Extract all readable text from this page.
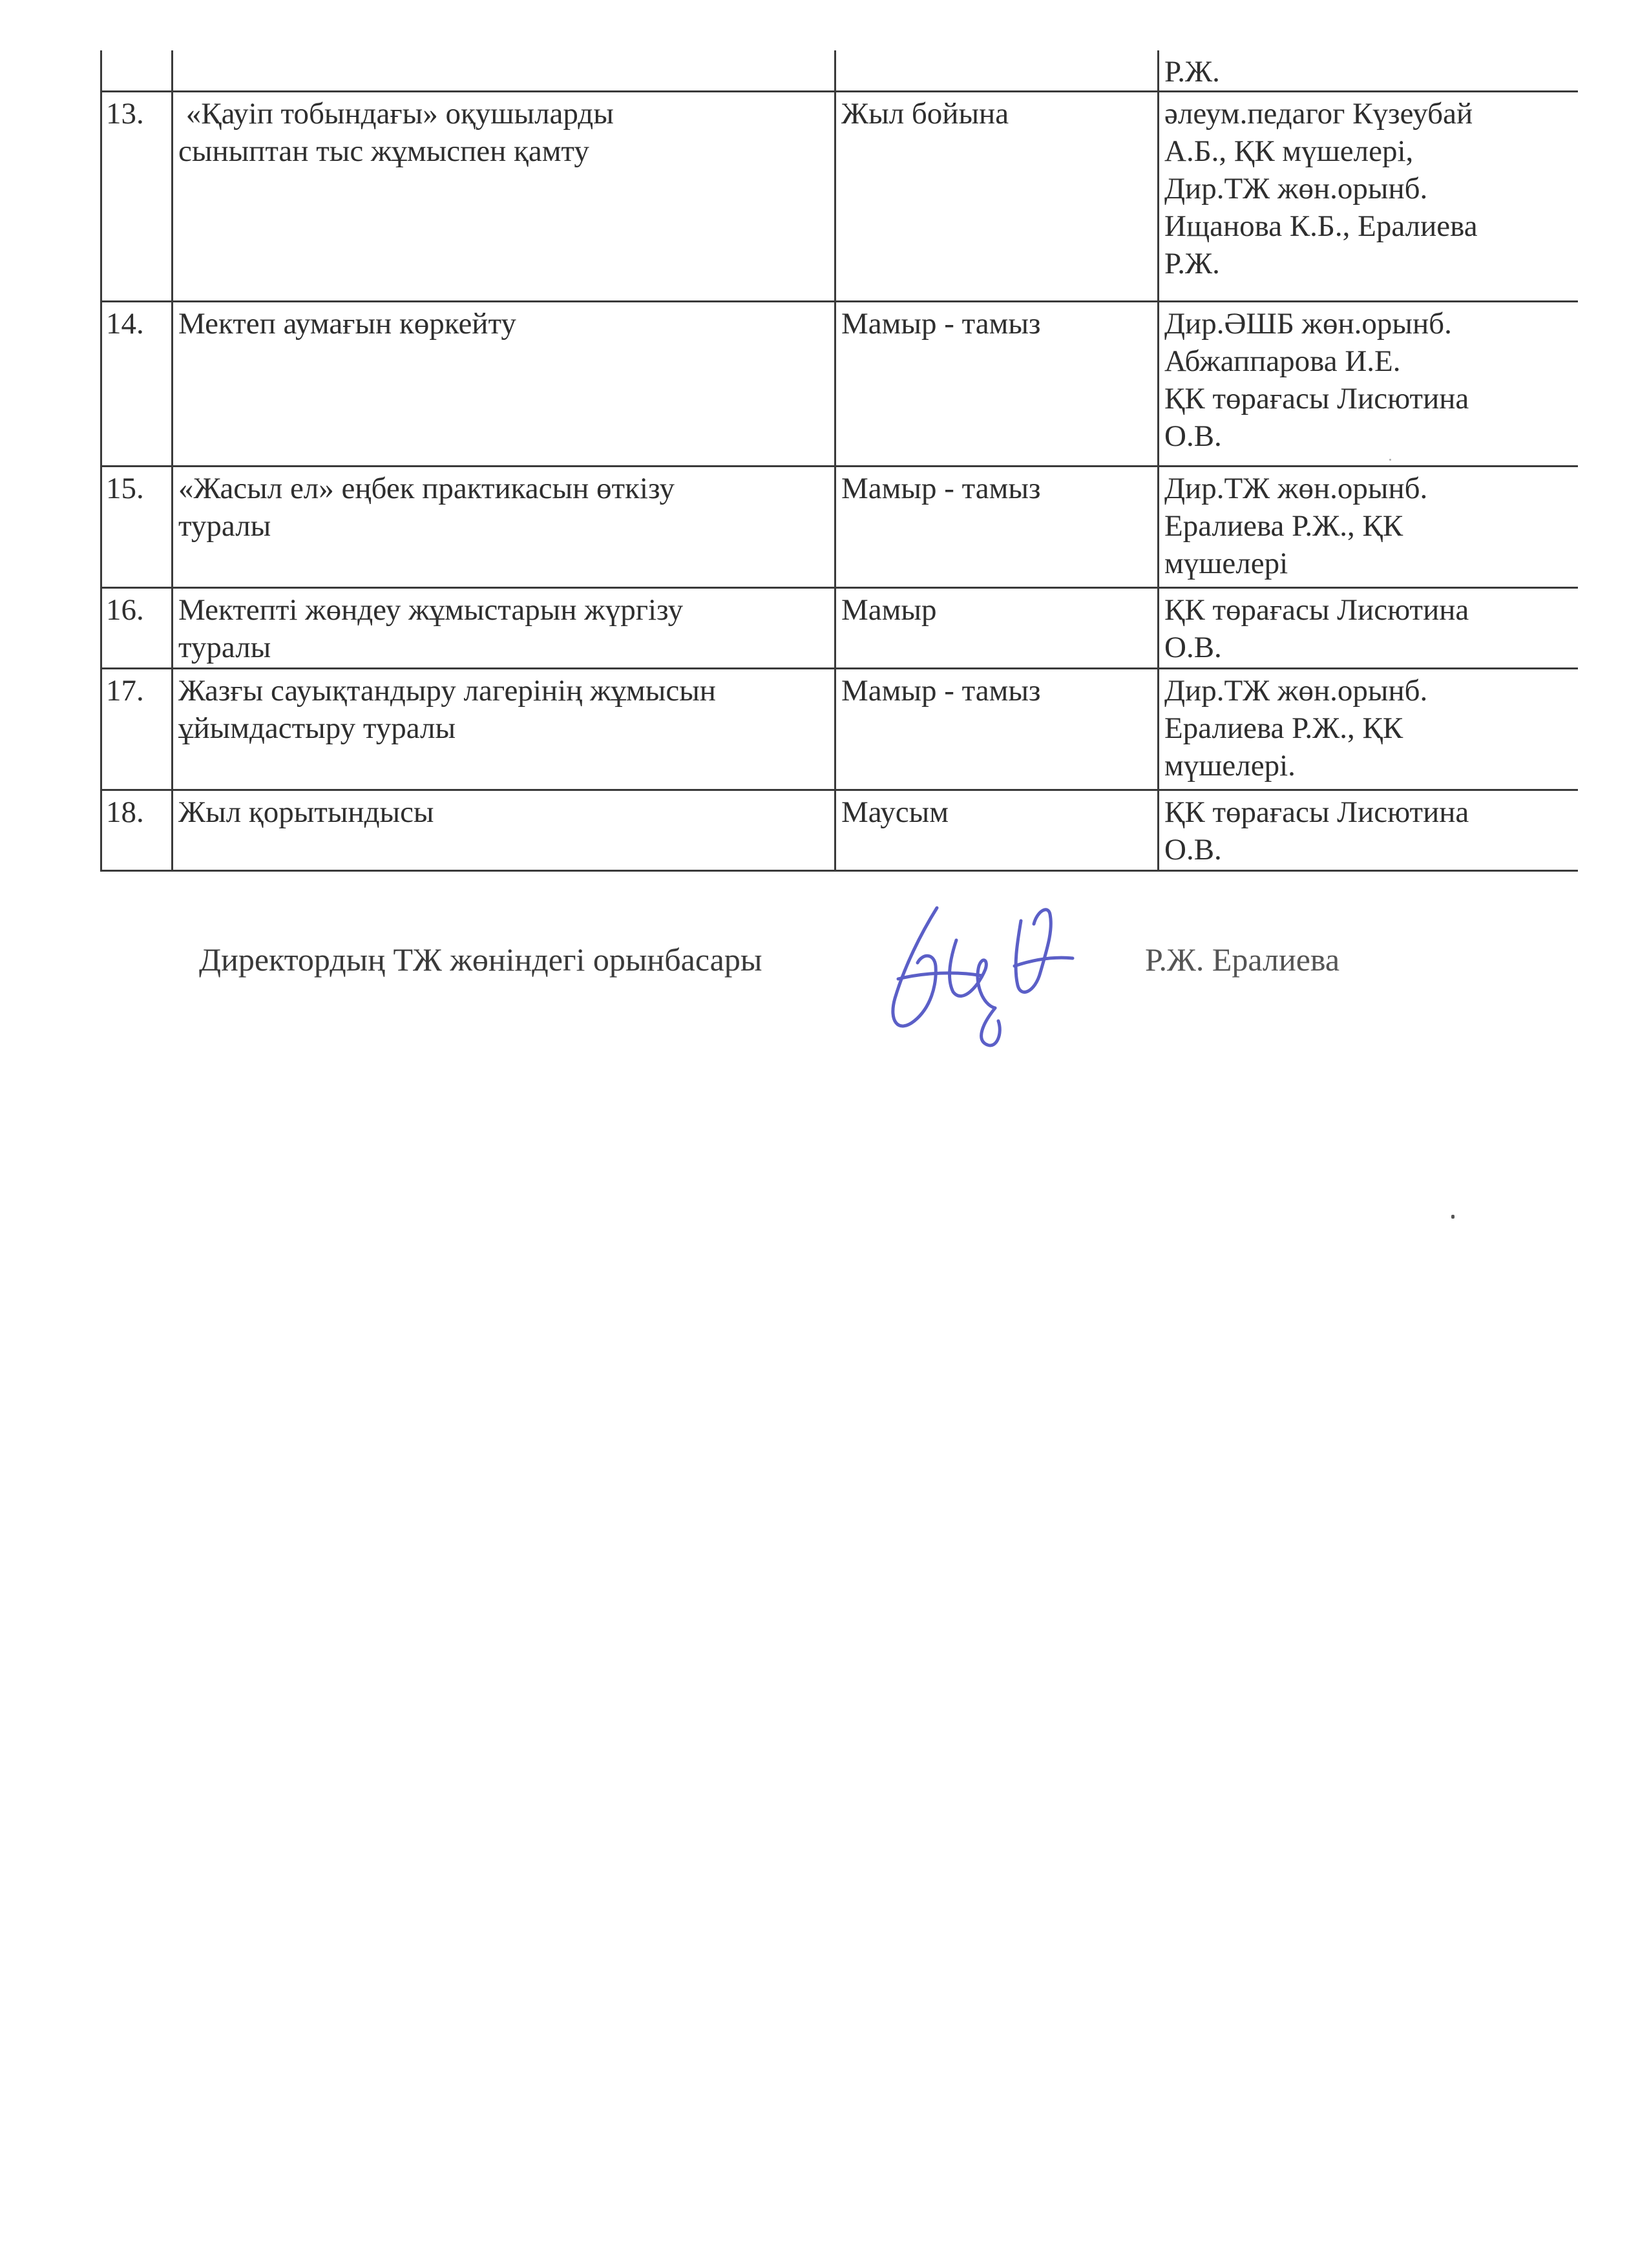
			Р.Ж.

13.	«Қауіп тобындағы» оқушыларды
сыныптан тыс жұмыспен қамту	Жыл бойына	әлеум.педагог Күзеубай
А.Б., ҚК мүшелері,
Дир.ТЖ жөн.орынб.
Ищанова К.Б., Ералиева
Р.Ж.

14.	Мектеп аумағын көркейту	Мамыр - тамыз	Дир.ӘШБ жөн.орынб.
Абжаппарова И.Е.
ҚК төрағасы Лисютина
О.В.

15.	«Жасыл ел» еңбек практикасын өткізу
туралы	Мамыр - тамыз	Дир.ТЖ жөн.орынб.
Ералиева Р.Ж., ҚК
мүшелері

16.	Мектепті жөндеу жұмыстарын жүргізу
туралы	Мамыр	ҚК төрағасы Лисютина
О.В.

17.	Жазғы сауықтандыру лагерінің жұмысын
ұйымдастыру туралы	Мамыр - тамыз	Дир.ТЖ жөн.орынб.
Ералиева Р.Ж., ҚК
мүшелері.

18.	Жыл қорытындысы	Маусым	ҚК төрағасы Лисютина
О.В.
Директордың ТЖ жөніндегі орынбасары	Р.Ж. Ералиева
